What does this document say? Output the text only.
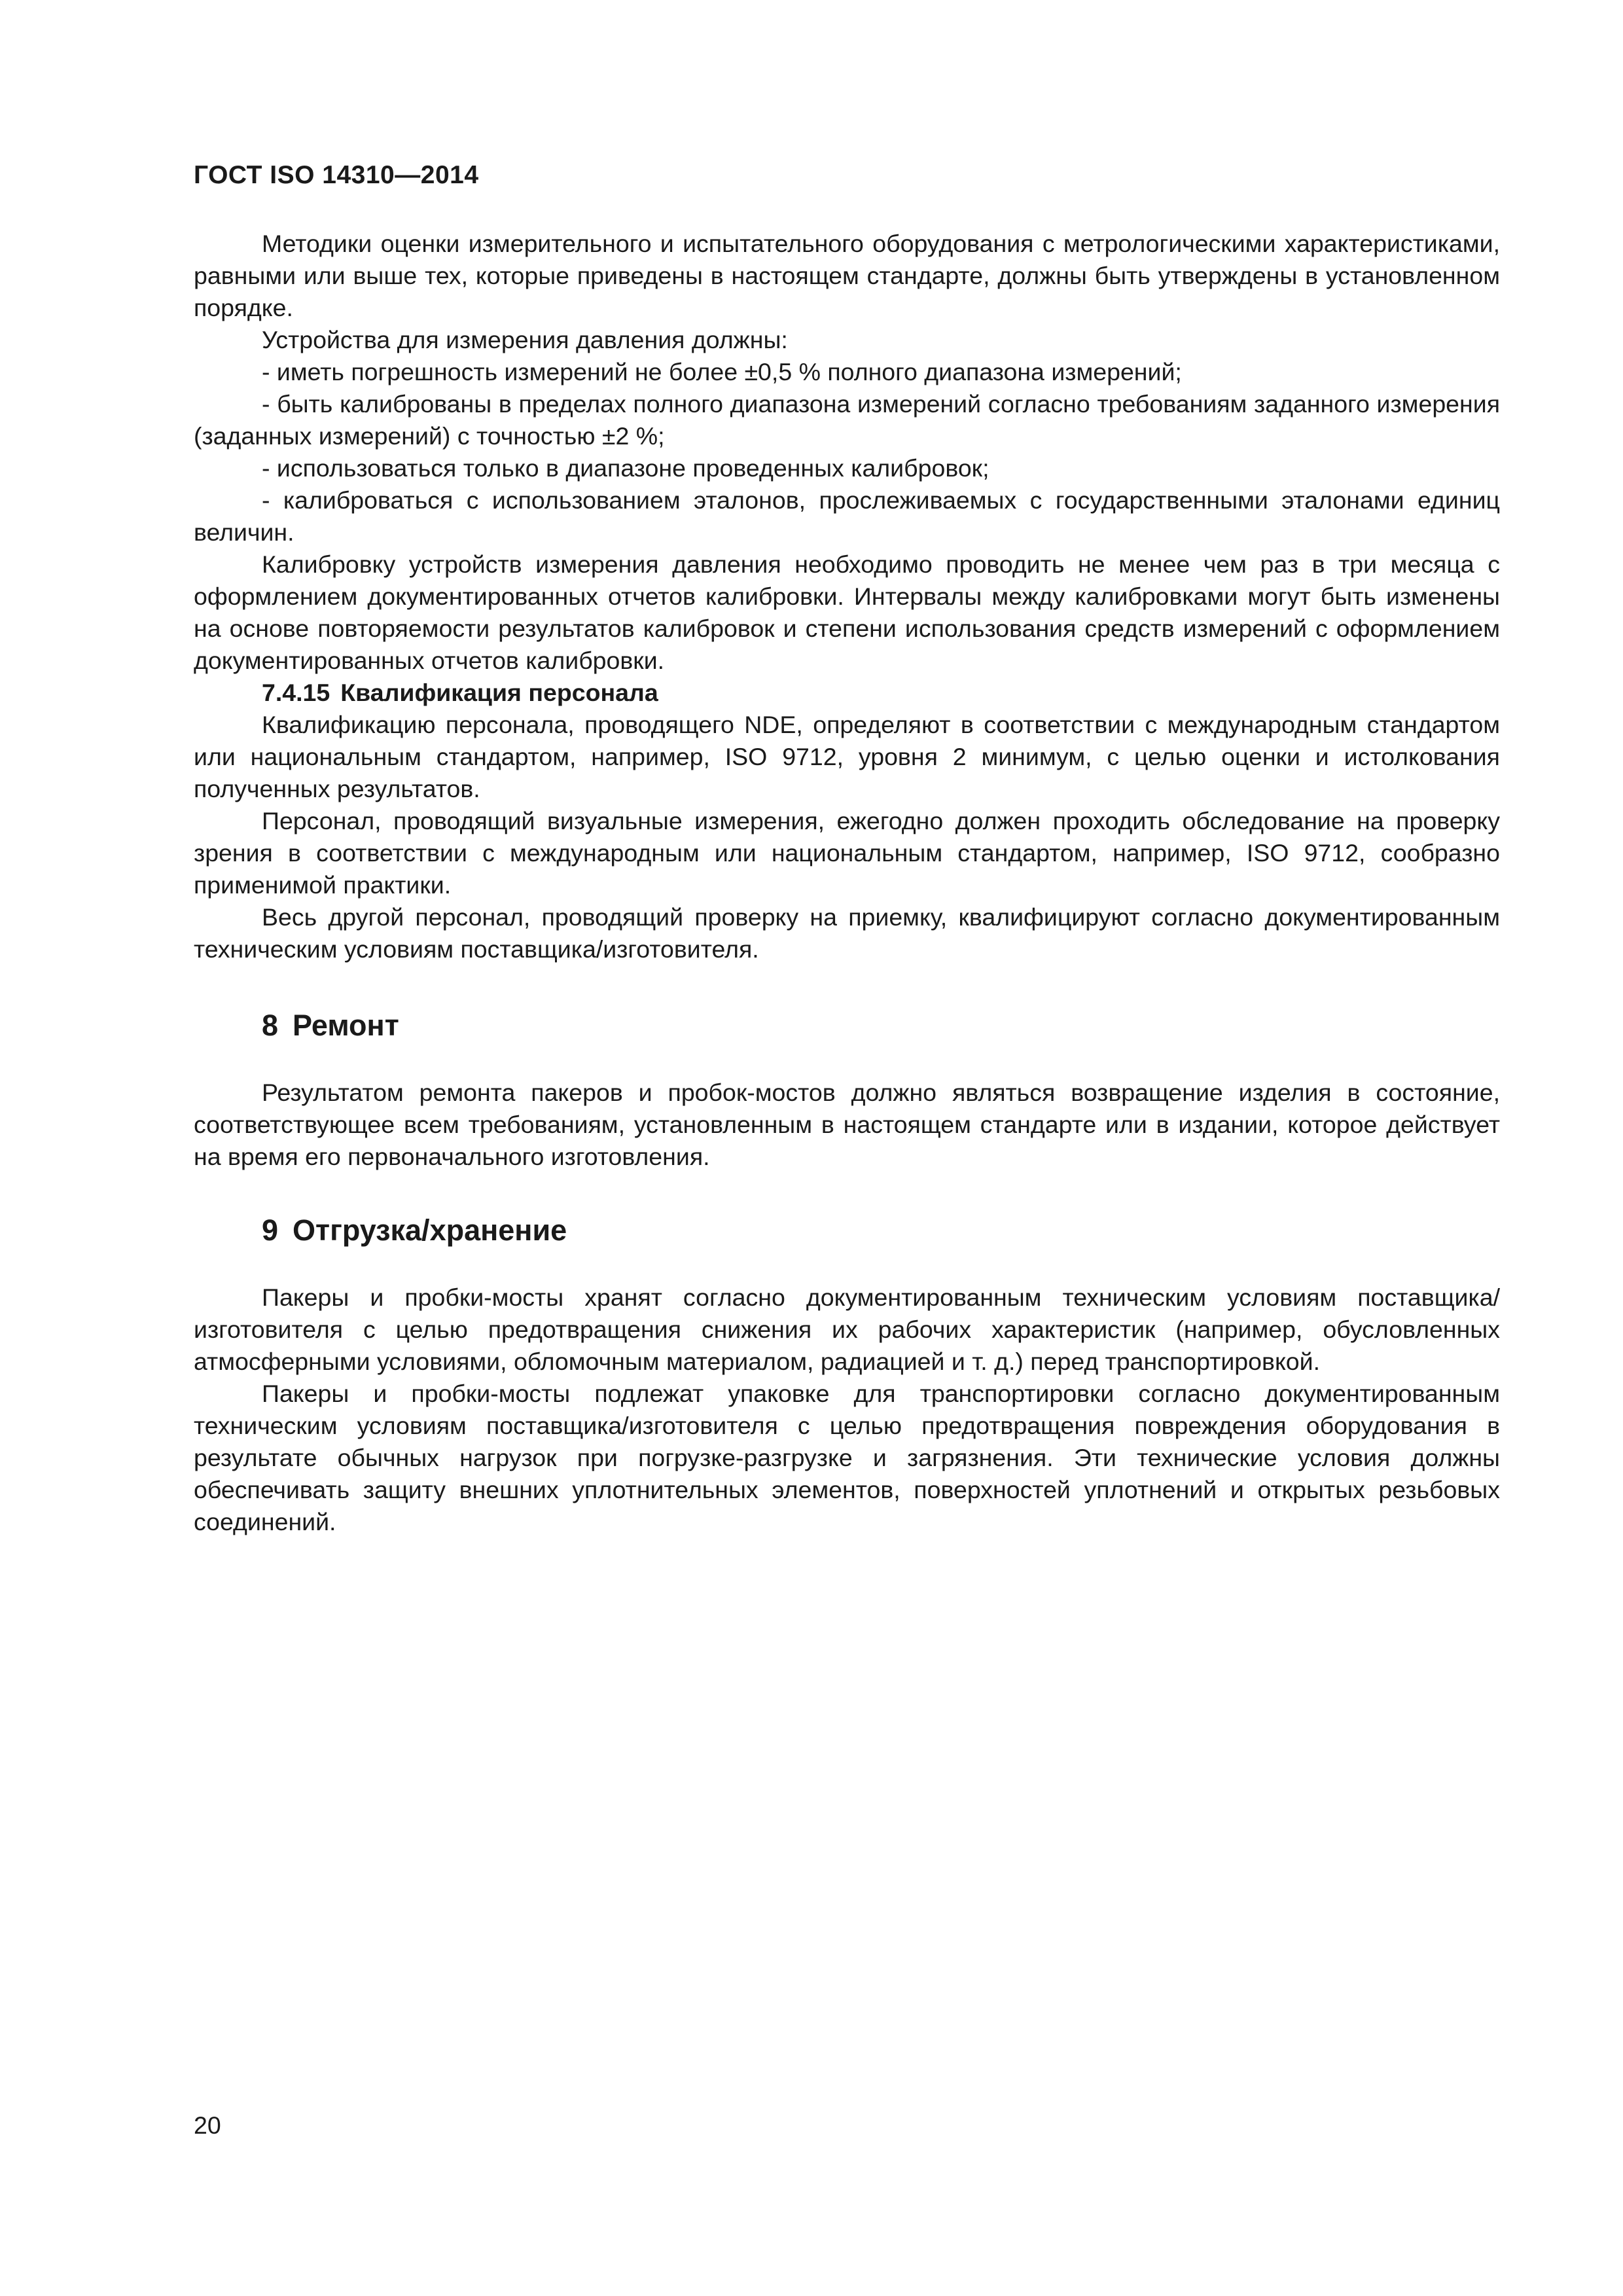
ГОСТ ISO 14310—2014

Методики оценки измерительного и испытательного оборудования с метрологическими характеристиками, равными или выше тех, которые приведены в настоящем стандарте, должны быть утверждены в установленном порядке.

Устройства для измерения давления должны:

- иметь погрешность измерений не более ±0,5 % полного диапазона измерений;

- быть калиброваны в пределах полного диапазона измерений согласно требованиям заданного измерения (заданных измерений) с точностью ±2 %;

- использоваться только в диапазоне проведенных калибровок;

- калиброваться с использованием эталонов, прослеживаемых с государственными эталонами единиц величин.

Калибровку устройств измерения давления необходимо проводить не менее чем раз в три месяца с оформлением документированных отчетов калибровки. Интервалы между калибровками могут быть изменены на основе повторяемости результатов калибровок и степени использования средств измерений с оформлением документированных отчетов калибровки.

7.4.15 Квалификация персонала

Квалификацию персонала, проводящего NDE, определяют в соответствии с международным стандартом или национальным стандартом, например, ISO 9712, уровня 2 минимум, с целью оценки и истолкования полученных результатов.

Персонал, проводящий визуальные измерения, ежегодно должен проходить обследование на проверку зрения в соответствии с международным или национальным стандартом, например, ISO 9712, сообразно применимой практики.

Весь другой персонал, проводящий проверку на приемку, квалифицируют согласно документированным техническим условиям поставщика/изготовителя.

8 Ремонт

Результатом ремонта пакеров и пробок-мостов должно являться возвращение изделия в состояние, соответствующее всем требованиям, установленным в настоящем стандарте или в издании, которое действует на время его первоначального изготовления.

9 Отгрузка/хранение

Пакеры и пробки-мосты хранят согласно документированным техническим условиям поставщика/изготовителя с целью предотвращения снижения их рабочих характеристик (например, обусловленных атмосферными условиями, обломочным материалом, радиацией и т. д.) перед транспортировкой.

Пакеры и пробки-мосты подлежат упаковке для транспортировки согласно документированным техническим условиям поставщика/изготовителя с целью предотвращения повреждения оборудования в результате обычных нагрузок при погрузке-разгрузке и загрязнения. Эти технические условия должны обеспечивать защиту внешних уплотнительных элементов, поверхностей уплотнений и открытых резьбовых соединений.

20
